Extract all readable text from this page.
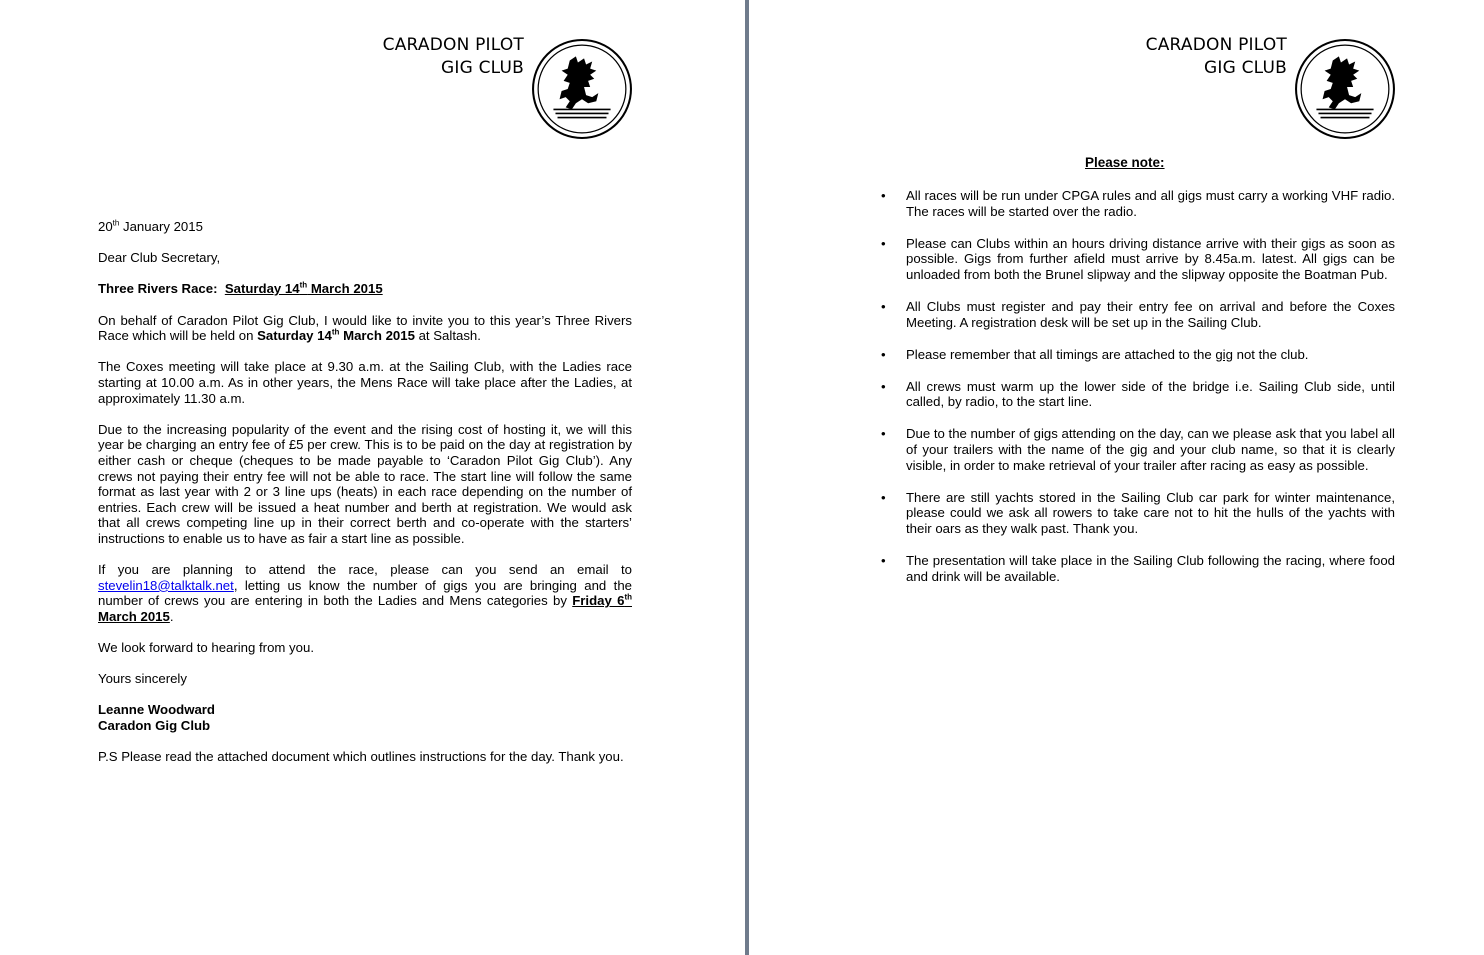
CARADON PILOT
GIG CLUB

20th January 2015

Dear Club Secretary,

Three Rivers Race: Saturday 14th March 2015

On behalf of Caradon Pilot Gig Club, I would like to invite you to this year’s Three Rivers Race which will be held on Saturday 14th March 2015 at Saltash.

The Coxes meeting will take place at 9.30 a.m. at the Sailing Club, with the Ladies race starting at 10.00 a.m. As in other years, the Mens Race will take place after the Ladies, at approximately 11.30 a.m.

Due to the increasing popularity of the event and the rising cost of hosting it, we will this year be charging an entry fee of £5 per crew. This is to be paid on the day at registration by either cash or cheque (cheques to be made payable to ‘Caradon Pilot Gig Club’). Any crews not paying their entry fee will not be able to race. The start line will follow the same format as last year with 2 or 3 line ups (heats) in each race depending on the number of entries. Each crew will be issued a heat number and berth at registration. We would ask that all crews competing line up in their correct berth and co-operate with the starters’ instructions to enable us to have as fair a start line as possible.

If you are planning to attend the race, please can you send an email to stevelin18@talktalk.net, letting us know the number of gigs you are bringing and the number of crews you are entering in both the Ladies and Mens categories by Friday 6th March 2015.

We look forward to hearing from you.

Yours sincerely

Leanne Woodward
Caradon Gig Club

P.S Please read the attached document which outlines instructions for the day. Thank you.

CARADON PILOT
GIG CLUB
Please note:
• All races will be run under CPGA rules and all gigs must carry a working VHF radio. The races will be started over the radio.
• Please can Clubs within an hours driving distance arrive with their gigs as soon as possible. Gigs from further afield must arrive by 8.45a.m. latest. All gigs can be unloaded from both the Brunel slipway and the slipway opposite the Boatman Pub.
• All Clubs must register and pay their entry fee on arrival and before the Coxes Meeting. A registration desk will be set up in the Sailing Club.
• Please remember that all timings are attached to the gig not the club.
• All crews must warm up the lower side of the bridge i.e. Sailing Club side, until called, by radio, to the start line.
• Due to the number of gigs attending on the day, can we please ask that you label all of your trailers with the name of the gig and your club name, so that it is clearly visible, in order to make retrieval of your trailer after racing as easy as possible.
• There are still yachts stored in the Sailing Club car park for winter maintenance, please could we ask all rowers to take care not to hit the hulls of the yachts with their oars as they walk past. Thank you.
• The presentation will take place in the Sailing Club following the racing, where food and drink will be available.
